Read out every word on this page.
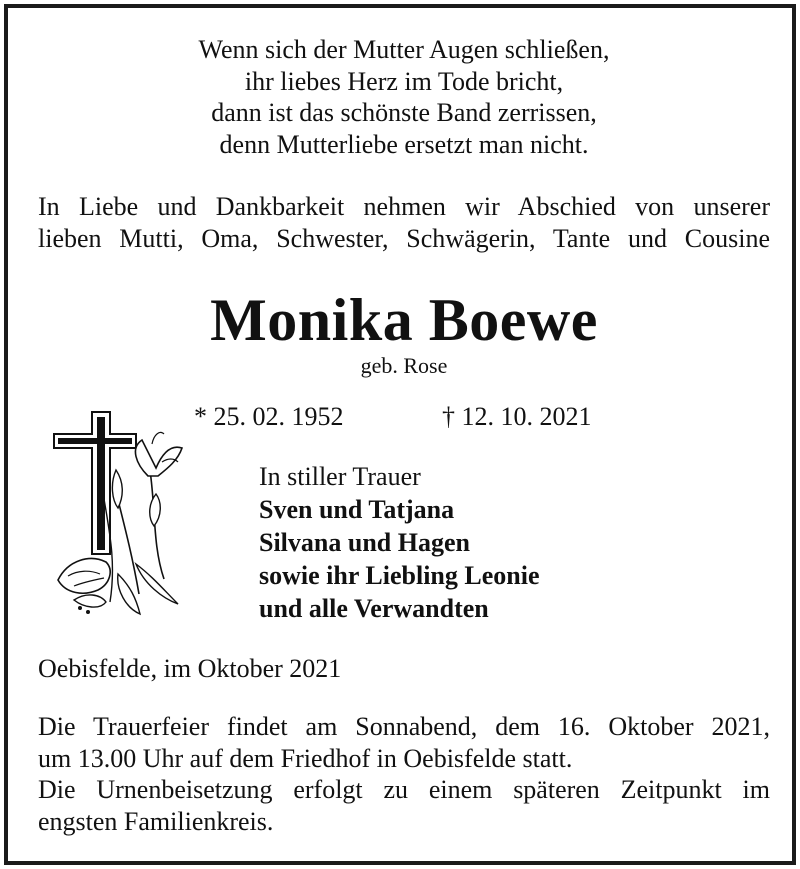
Wenn sich der Mutter Augen schließen,
ihr liebes Herz im Tode bricht,
dann ist das schönste Band zerrissen,
denn Mutterliebe ersetzt man nicht.
In Liebe und Dankbarkeit nehmen wir Abschied von unserer
lieben Mutti, Oma, Schwester, Schwägerin, Tante und Cousine
Monika Boewe
geb. Rose
* 25. 02. 1952	† 12. 10. 2021
In stiller Trauer
Sven und Tatjana
Silvana und Hagen
sowie ihr Liebling Leonie
und alle Verwandten
Oebisfelde, im Oktober 2021
Die Trauerfeier findet am Sonnabend, dem 16. Oktober 2021,
um 13.00 Uhr auf dem Friedhof in Oebisfelde statt.
Die Urnenbeisetzung erfolgt zu einem späteren Zeitpunkt im
engsten Familienkreis.
